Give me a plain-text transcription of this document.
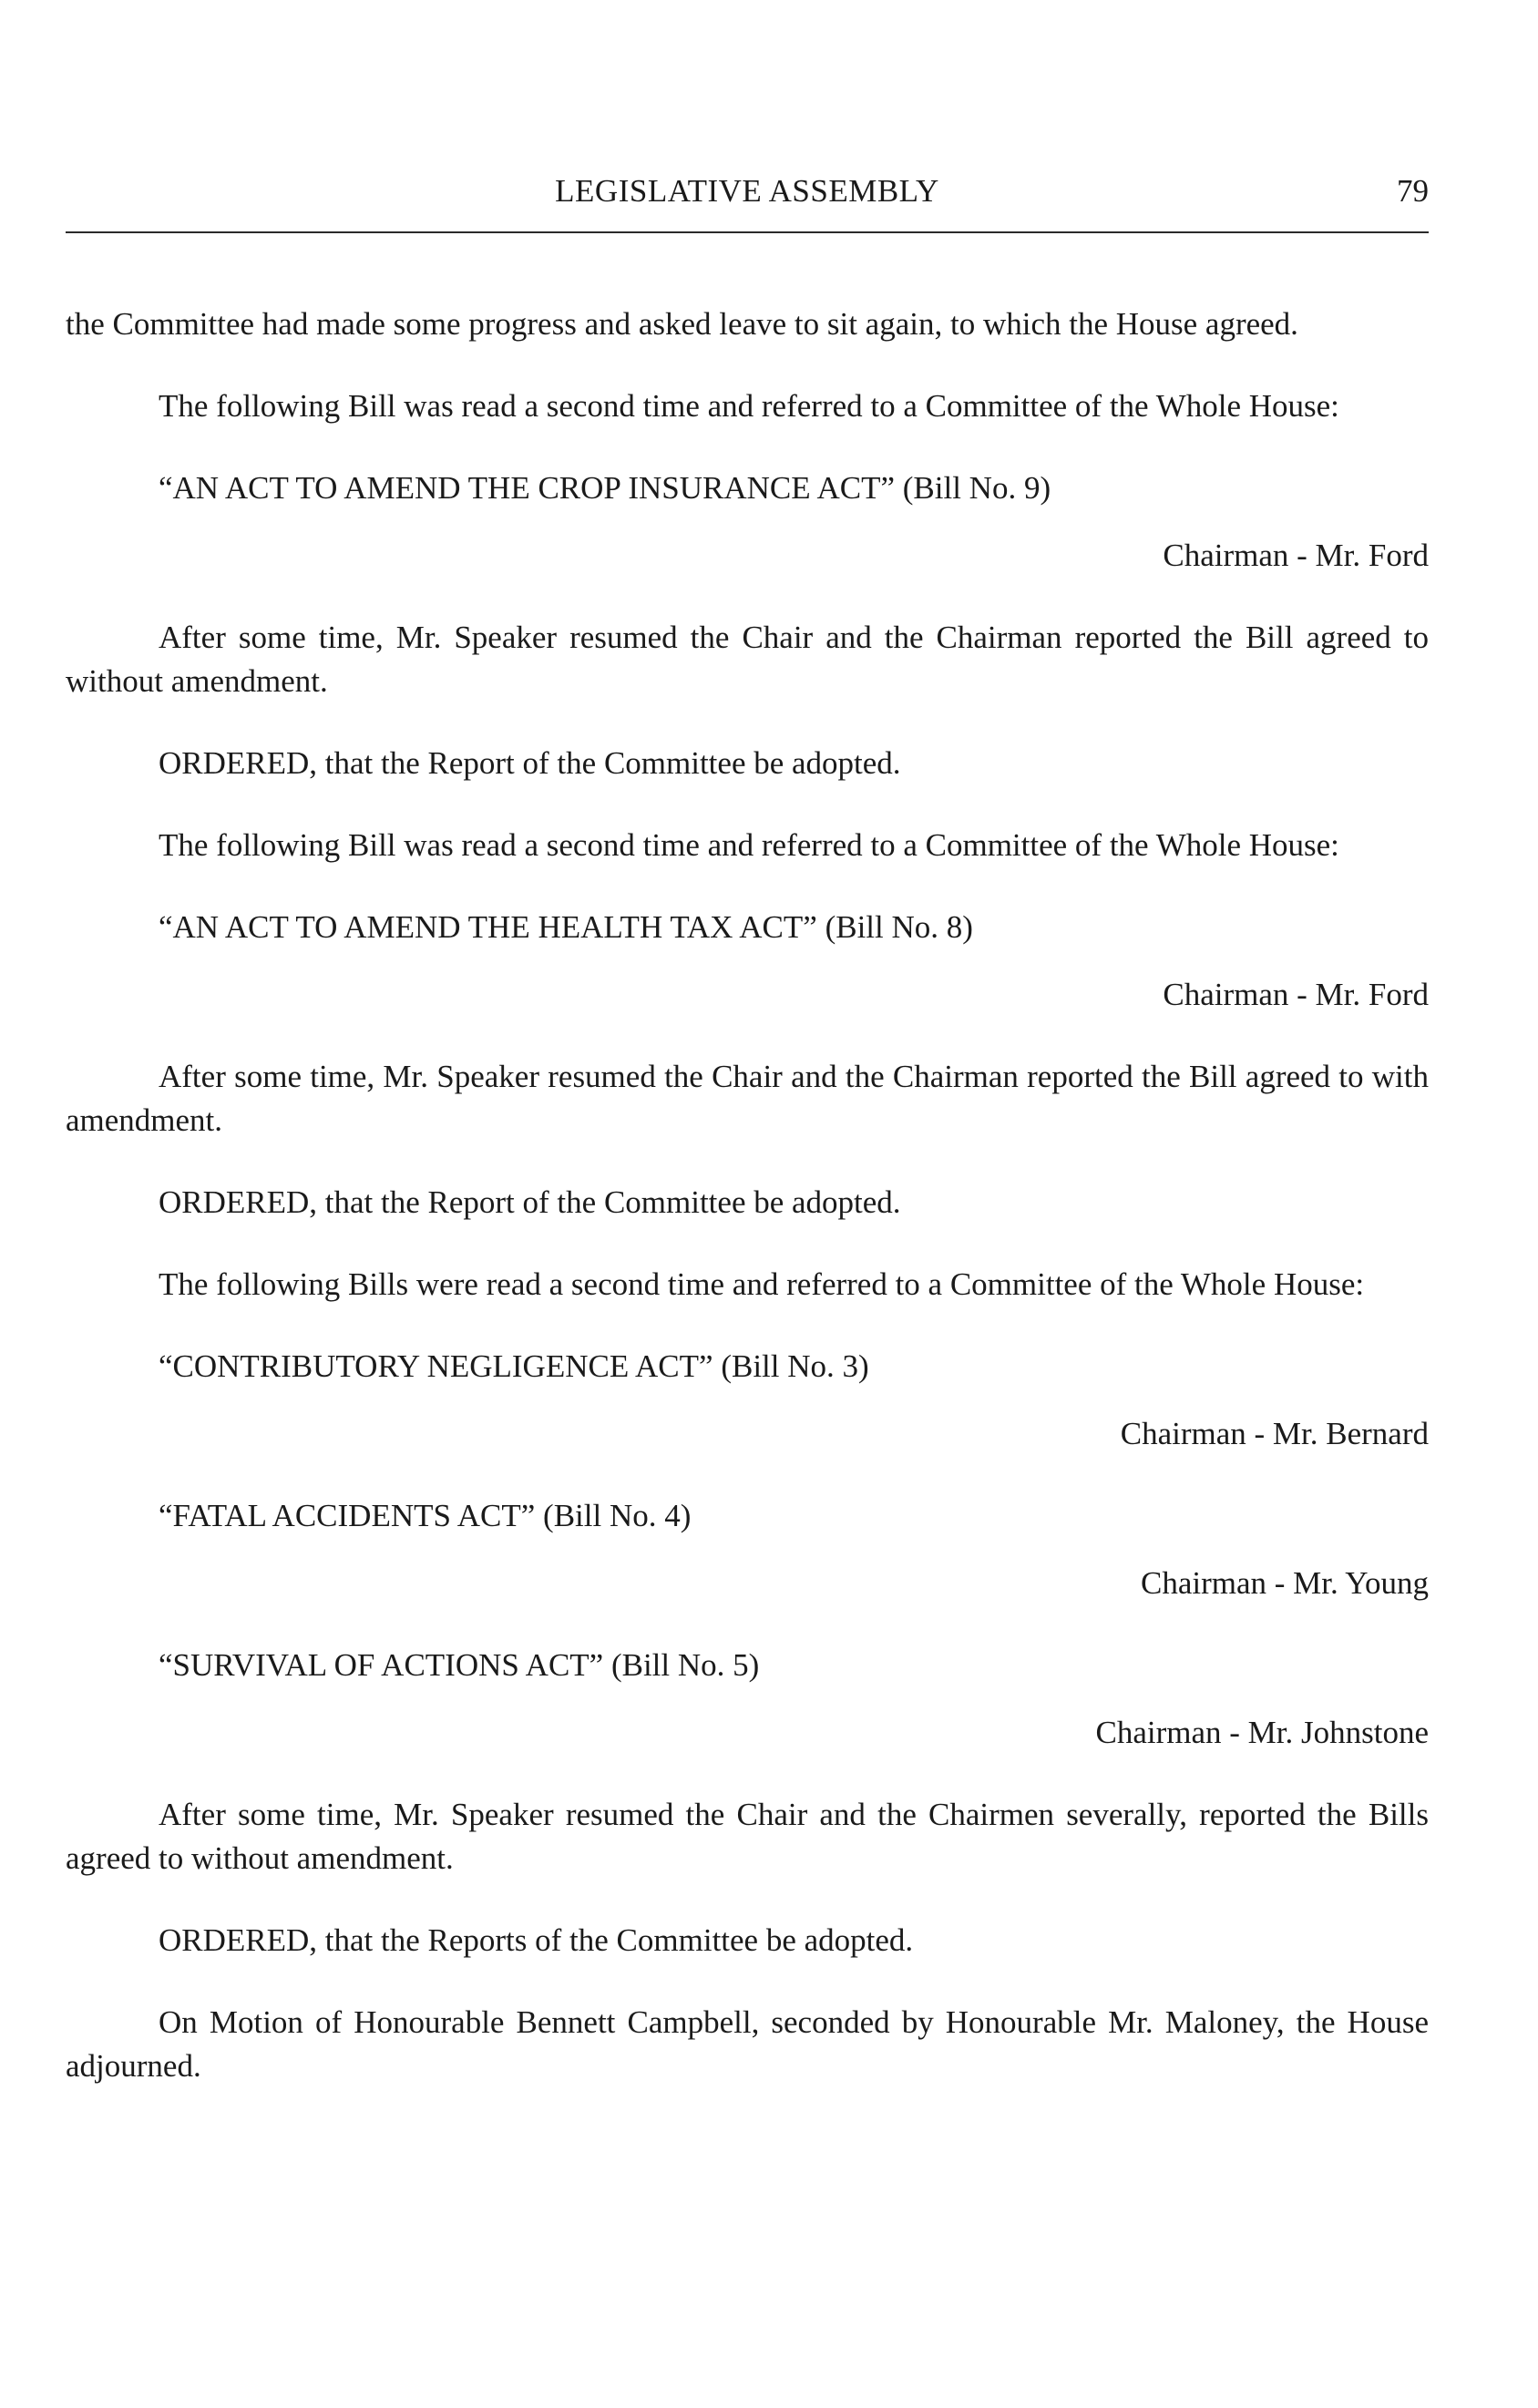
LEGISLATIVE ASSEMBLY	79

the Committee had made some progress and asked leave to sit again, to which the House agreed.

The following Bill was read a second time and referred to a Committee of the Whole House:

“AN ACT TO AMEND THE CROP INSURANCE ACT” (Bill No. 9)
Chairman - Mr. Ford

After some time, Mr. Speaker resumed the Chair and the Chairman reported the Bill agreed to without amendment.

ORDERED, that the Report of the Committee be adopted.

The following Bill was read a second time and referred to a Committee of the Whole House:

“AN ACT TO AMEND THE HEALTH TAX ACT” (Bill No. 8)
Chairman - Mr. Ford

After some time, Mr. Speaker resumed the Chair and the Chairman reported the Bill agreed to with amendment.

ORDERED, that the Report of the Committee be adopted.

The following Bills were read a second time and referred to a Committee of the Whole House:

“CONTRIBUTORY NEGLIGENCE ACT” (Bill No. 3)
Chairman - Mr. Bernard
“FATAL ACCIDENTS ACT” (Bill No. 4)
Chairman - Mr. Young
“SURVIVAL OF ACTIONS ACT” (Bill No. 5)
Chairman - Mr. Johnstone

After some time, Mr. Speaker resumed the Chair and the Chairmen severally, reported the Bills agreed to without amendment.

ORDERED, that the Reports of the Committee be adopted.

On Motion of Honourable Bennett Campbell, seconded by Honourable Mr. Maloney, the House adjourned.
